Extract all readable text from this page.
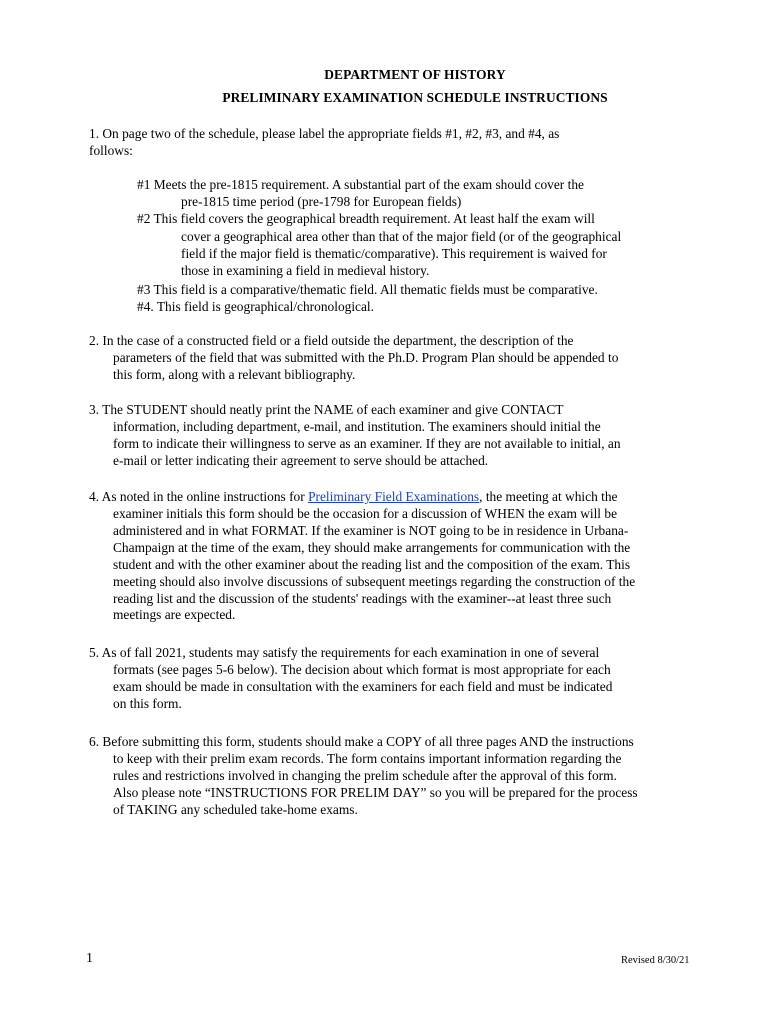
DEPARTMENT OF HISTORY
PRELIMINARY EXAMINATION SCHEDULE INSTRUCTIONS
1. On page two of the schedule, please label the appropriate fields #1, #2, #3, and #4, as
follows:
#1 Meets the pre-1815 requirement. A substantial part of the exam should cover the
pre-1815 time period (pre-1798 for European fields)
#2 This field covers the geographical breadth requirement. At least half the exam will
cover a geographical area other than that of the major field (or of the geographical
field if the major field is thematic/comparative). This requirement is waived for
those in examining a field in medieval history.
#3 This field is a comparative/thematic field. All thematic fields must be comparative.
#4. This field is geographical/chronological.
2. In the case of a constructed field or a field outside the department, the description of the
parameters of the field that was submitted with the Ph.D. Program Plan should be appended to
this form, along with a relevant bibliography.
3. The STUDENT should neatly print the NAME of each examiner and give CONTACT
information, including department, e-mail, and institution. The examiners should initial the
form to indicate their willingness to serve as an examiner. If they are not available to initial, an
e-mail or letter indicating their agreement to serve should be attached.
4. As noted in the online instructions for Preliminary Field Examinations, the meeting at which the
examiner initials this form should be the occasion for a discussion of WHEN the exam will be
administered and in what FORMAT. If the examiner is NOT going to be in residence in Urbana-
Champaign at the time of the exam, they should make arrangements for communication with the
student and with the other examiner about the reading list and the composition of the exam. This
meeting should also involve discussions of subsequent meetings regarding the construction of the
reading list and the discussion of the students' readings with the examiner--at least three such
meetings are expected.
5. As of fall 2021, students may satisfy the requirements for each examination in one of several
formats (see pages 5-6 below). The decision about which format is most appropriate for each
exam should be made in consultation with the examiners for each field and must be indicated
on this form.
6. Before submitting this form, students should make a COPY of all three pages AND the instructions
to keep with their prelim exam records. The form contains important information regarding the
rules and restrictions involved in changing the prelim schedule after the approval of this form.
Also please note “INSTRUCTIONS FOR PRELIM DAY” so you will be prepared for the process
of TAKING any scheduled take-home exams.
1	Revised 8/30/21
